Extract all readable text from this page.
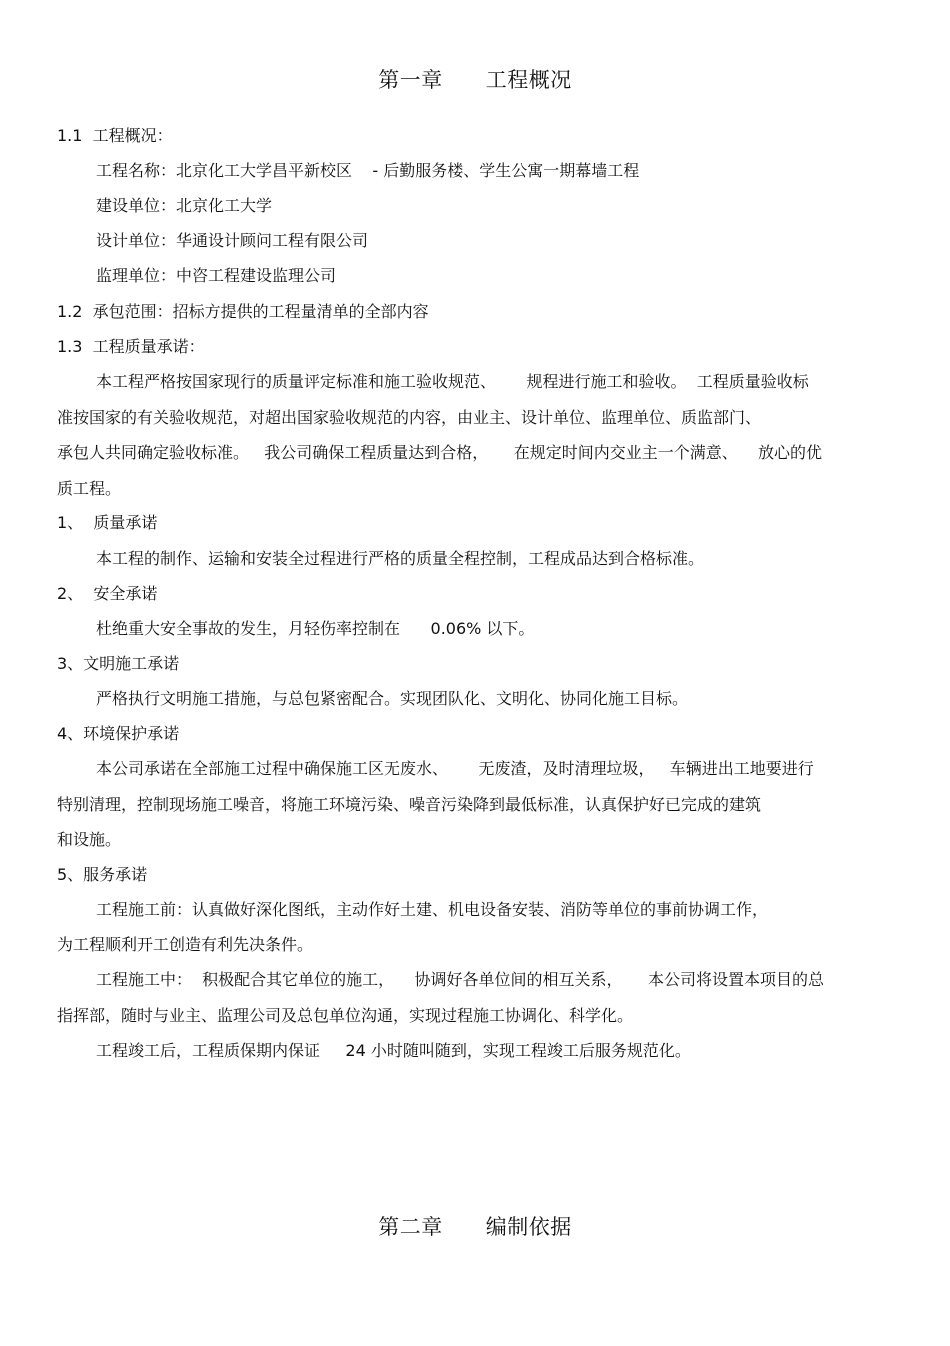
第一章      工程概况
1.1  工程概况：
工程名称：北京化工大学昌平新校区    - 后勤服务楼、学生公寓一期幕墙工程
建设单位：北京化工大学
设计单位：华通设计顾问工程有限公司
监理单位：中咨工程建设监理公司
1.2  承包范围：招标方提供的工程量清单的全部内容
1.3  工程质量承诺：
本工程严格按国家现行的质量评定标准和施工验收规范、      规程进行施工和验收。  工程质量验收标
准按国家的有关验收规范，对超出国家验收规范的内容，由业主、设计单位、监理单位、质监部门、
承包人共同确定验收标准。   我公司确保工程质量达到合格，     在规定时间内交业主一个满意、    放心的优
质工程。
1、  质量承诺
本工程的制作、运输和安装全过程进行严格的质量全程控制，工程成品达到合格标准。
2、  安全承诺
杜绝重大安全事故的发生，月轻伤率控制在      0.06% 以下。
3、文明施工承诺
严格执行文明施工措施，与总包紧密配合。实现团队化、文明化、协同化施工目标。
4、环境保护承诺
本公司承诺在全部施工过程中确保施工区无废水、      无废渣，及时清理垃圾，   车辆进出工地要进行
特别清理，控制现场施工噪音，将施工环境污染、噪音污染降到最低标准，认真保护好已完成的建筑
和设施。
5、服务承诺
工程施工前：认真做好深化图纸，主动作好土建、机电设备安装、消防等单位的事前协调工作，
为工程顺利开工创造有利先决条件。
工程施工中：  积极配合其它单位的施工，    协调好各单位间的相互关系，     本公司将设置本项目的总
指挥部，随时与业主、监理公司及总包单位沟通，实现过程施工协调化、科学化。
工程竣工后，工程质保期内保证     24 小时随叫随到，实现工程竣工后服务规范化。
第二章      编制依据
